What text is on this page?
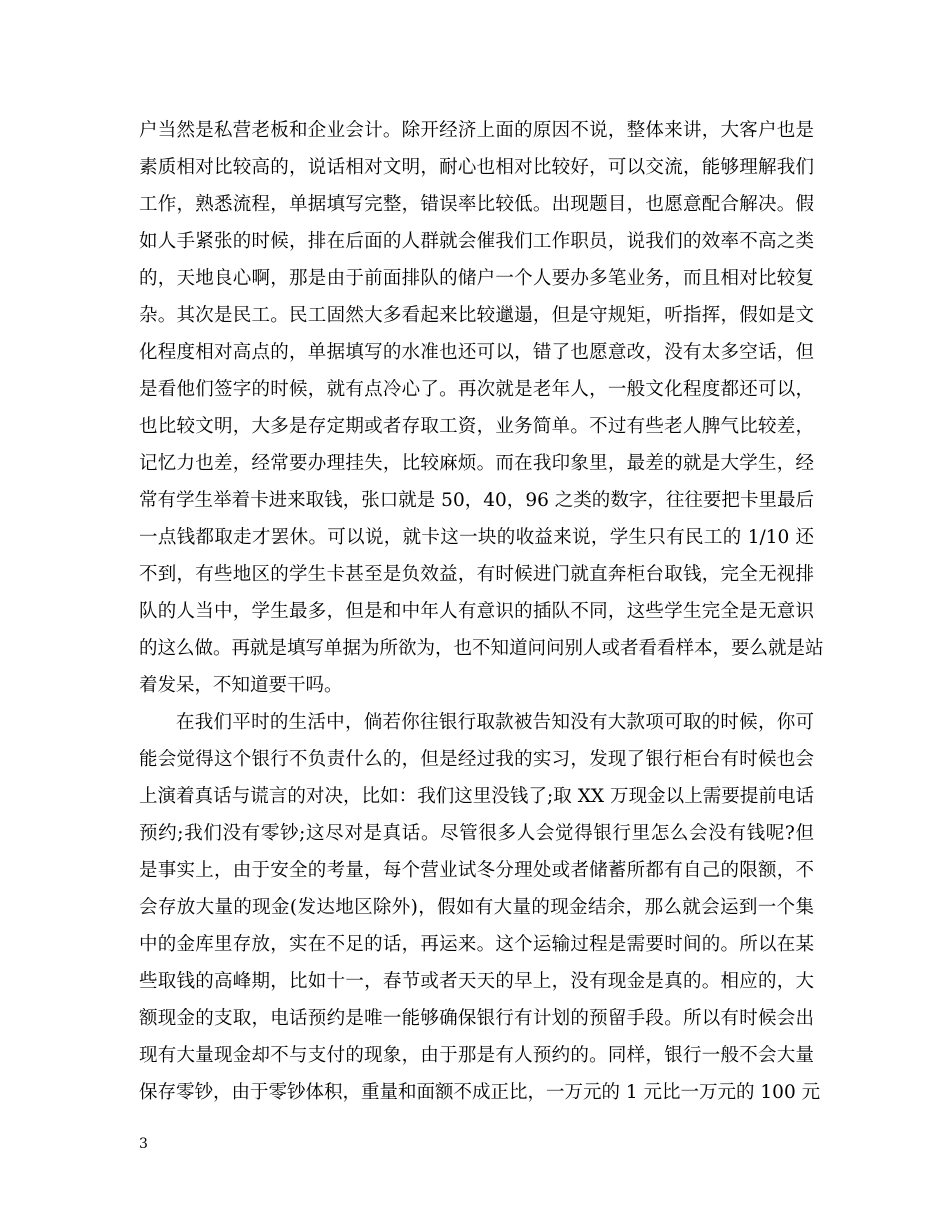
户当然是私营老板和企业会计。除开经济上面的原因不说，整体来讲，大客户也是
素质相对比较高的，说话相对文明，耐心也相对比较好，可以交流，能够理解我们
工作，熟悉流程，单据填写完整，错误率比较低。出现题目，也愿意配合解决。假
如人手紧张的时候，排在后面的人群就会催我们工作职员，说我们的效率不高之类
的，天地良心啊，那是由于前面排队的储户一个人要办多笔业务，而且相对比较复
杂。其次是民工。民工固然大多看起来比较邋遢，但是守规矩，听指挥，假如是文
化程度相对高点的，单据填写的水准也还可以，错了也愿意改，没有太多空话，但
是看他们签字的时候，就有点冷心了。再次就是老年人，一般文化程度都还可以，
也比较文明，大多是存定期或者存取工资，业务简单。不过有些老人脾气比较差，
记忆力也差，经常要办理挂失，比较麻烦。而在我印象里，最差的就是大学生，经
常有学生举着卡进来取钱，张口就是 50，40，96 之类的数字，往往要把卡里最后
一点钱都取走才罢休。可以说，就卡这一块的收益来说，学生只有民工的 1/10 还
不到，有些地区的学生卡甚至是负效益，有时候进门就直奔柜台取钱，完全无视排
队的人当中，学生最多，但是和中年人有意识的插队不同，这些学生完全是无意识
的这么做。再就是填写单据为所欲为，也不知道问问别人或者看看样本，要么就是站
着发呆，不知道要干吗。
在我们平时的生活中，倘若你往银行取款被告知没有大款项可取的时候，你可
能会觉得这个银行不负责什么的，但是经过我的实习，发现了银行柜台有时候也会
上演着真话与谎言的对决，比如：我们这里没钱了;取 XX 万现金以上需要提前电话
预约;我们没有零钞;这尽对是真话。尽管很多人会觉得银行里怎么会没有钱呢?但
是事实上，由于安全的考量，每个营业试冬分理处或者储蓄所都有自己的限额，不
会存放大量的现金(发达地区除外)，假如有大量的现金结余，那么就会运到一个集
中的金库里存放，实在不足的话，再运来。这个运输过程是需要时间的。所以在某
些取钱的高峰期，比如十一，春节或者天天的早上，没有现金是真的。相应的，大
额现金的支取，电话预约是唯一能够确保银行有计划的预留手段。所以有时候会出
现有大量现金却不与支付的现象，由于那是有人预约的。同样，银行一般不会大量
保存零钞，由于零钞体积，重量和面额不成正比，一万元的 1 元比一万元的 100 元
3
